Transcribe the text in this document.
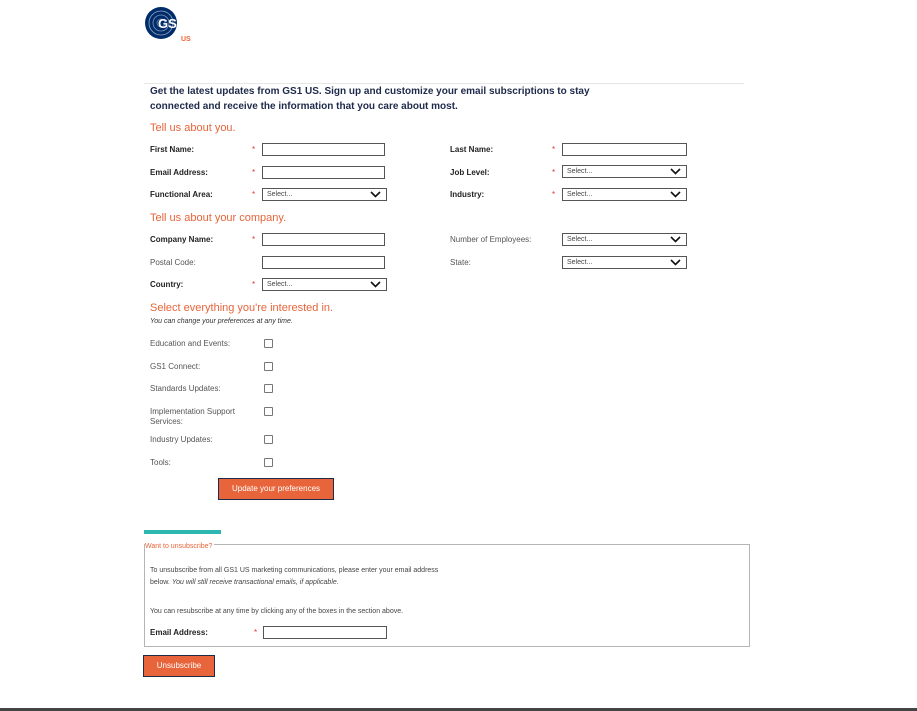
GS1
US
Get the latest updates from GS1 US. Sign up and customize your email subscriptions to stay connected and receive the information that you care about most.
Tell us about you.
First Name:	*	Last Name:	*
Email Address:	*	Job Level:	*	Select...
Functional Area:	*	Select...	Industry:	*	Select...
Tell us about your company.
Company Name:	*	Number of Employees:	Select...
Postal Code:	State:	Select...
Country:	*	Select...
Select everything you're interested in.
You can change your preferences at any time.
Education and Events:
GS1 Connect:
Standards Updates:
Implementation Support Services:
Industry Updates:
Tools:
Update your preferences
Want to unsubscribe?
To unsubscribe from all GS1 US marketing communications, please enter your email address
below. You will still receive transactional emails, if applicable.
You can resubscribe at any time by clicking any of the boxes in the section above.
Email Address:	*
Unsubscribe
